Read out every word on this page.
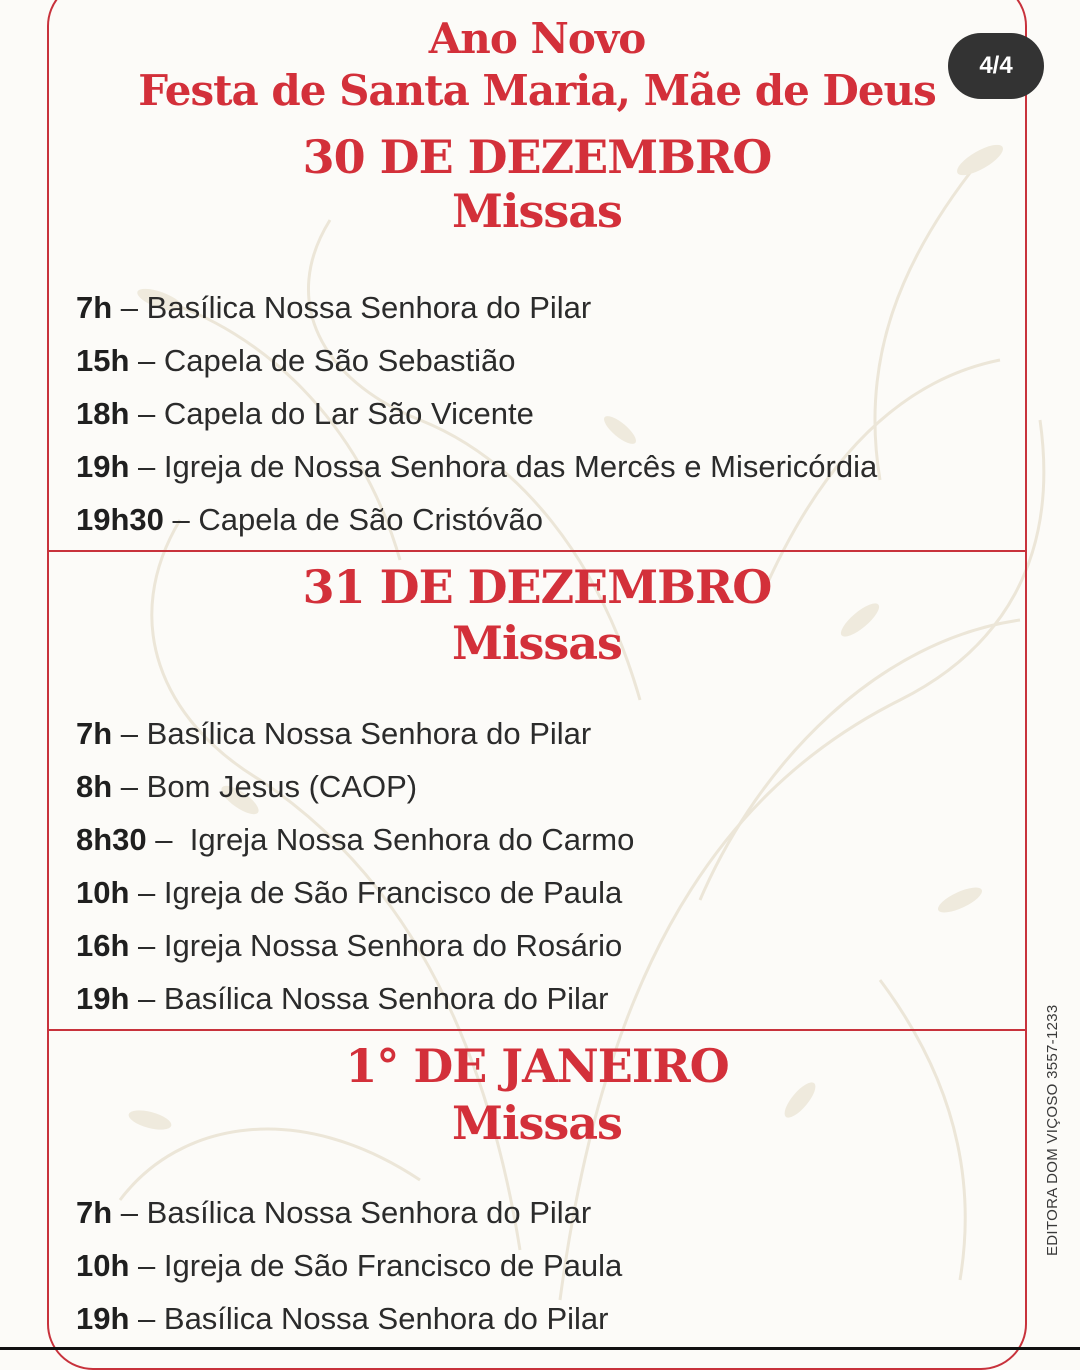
Ano Novo
Festa de Santa Maria, Mãe de Deus
4/4
30 DE DEZEMBRO
Missas
7h – Basílica Nossa Senhora do Pilar
15h – Capela de São Sebastião
18h – Capela do Lar São Vicente
19h – Igreja de Nossa Senhora das Mercês e Misericórdia
19h30 – Capela de São Cristóvão
31 DE DEZEMBRO
Missas
7h – Basílica Nossa Senhora do Pilar
8h – Bom Jesus (CAOP)
8h30 –  Igreja Nossa Senhora do Carmo
10h – Igreja de São Francisco de Paula
16h – Igreja Nossa Senhora do Rosário
19h – Basílica Nossa Senhora do Pilar
1° DE JANEIRO
Missas
7h – Basílica Nossa Senhora do Pilar
10h – Igreja de São Francisco de Paula
19h – Basílica Nossa Senhora do Pilar
EDITORA DOM VIÇOSO 3557-1233
